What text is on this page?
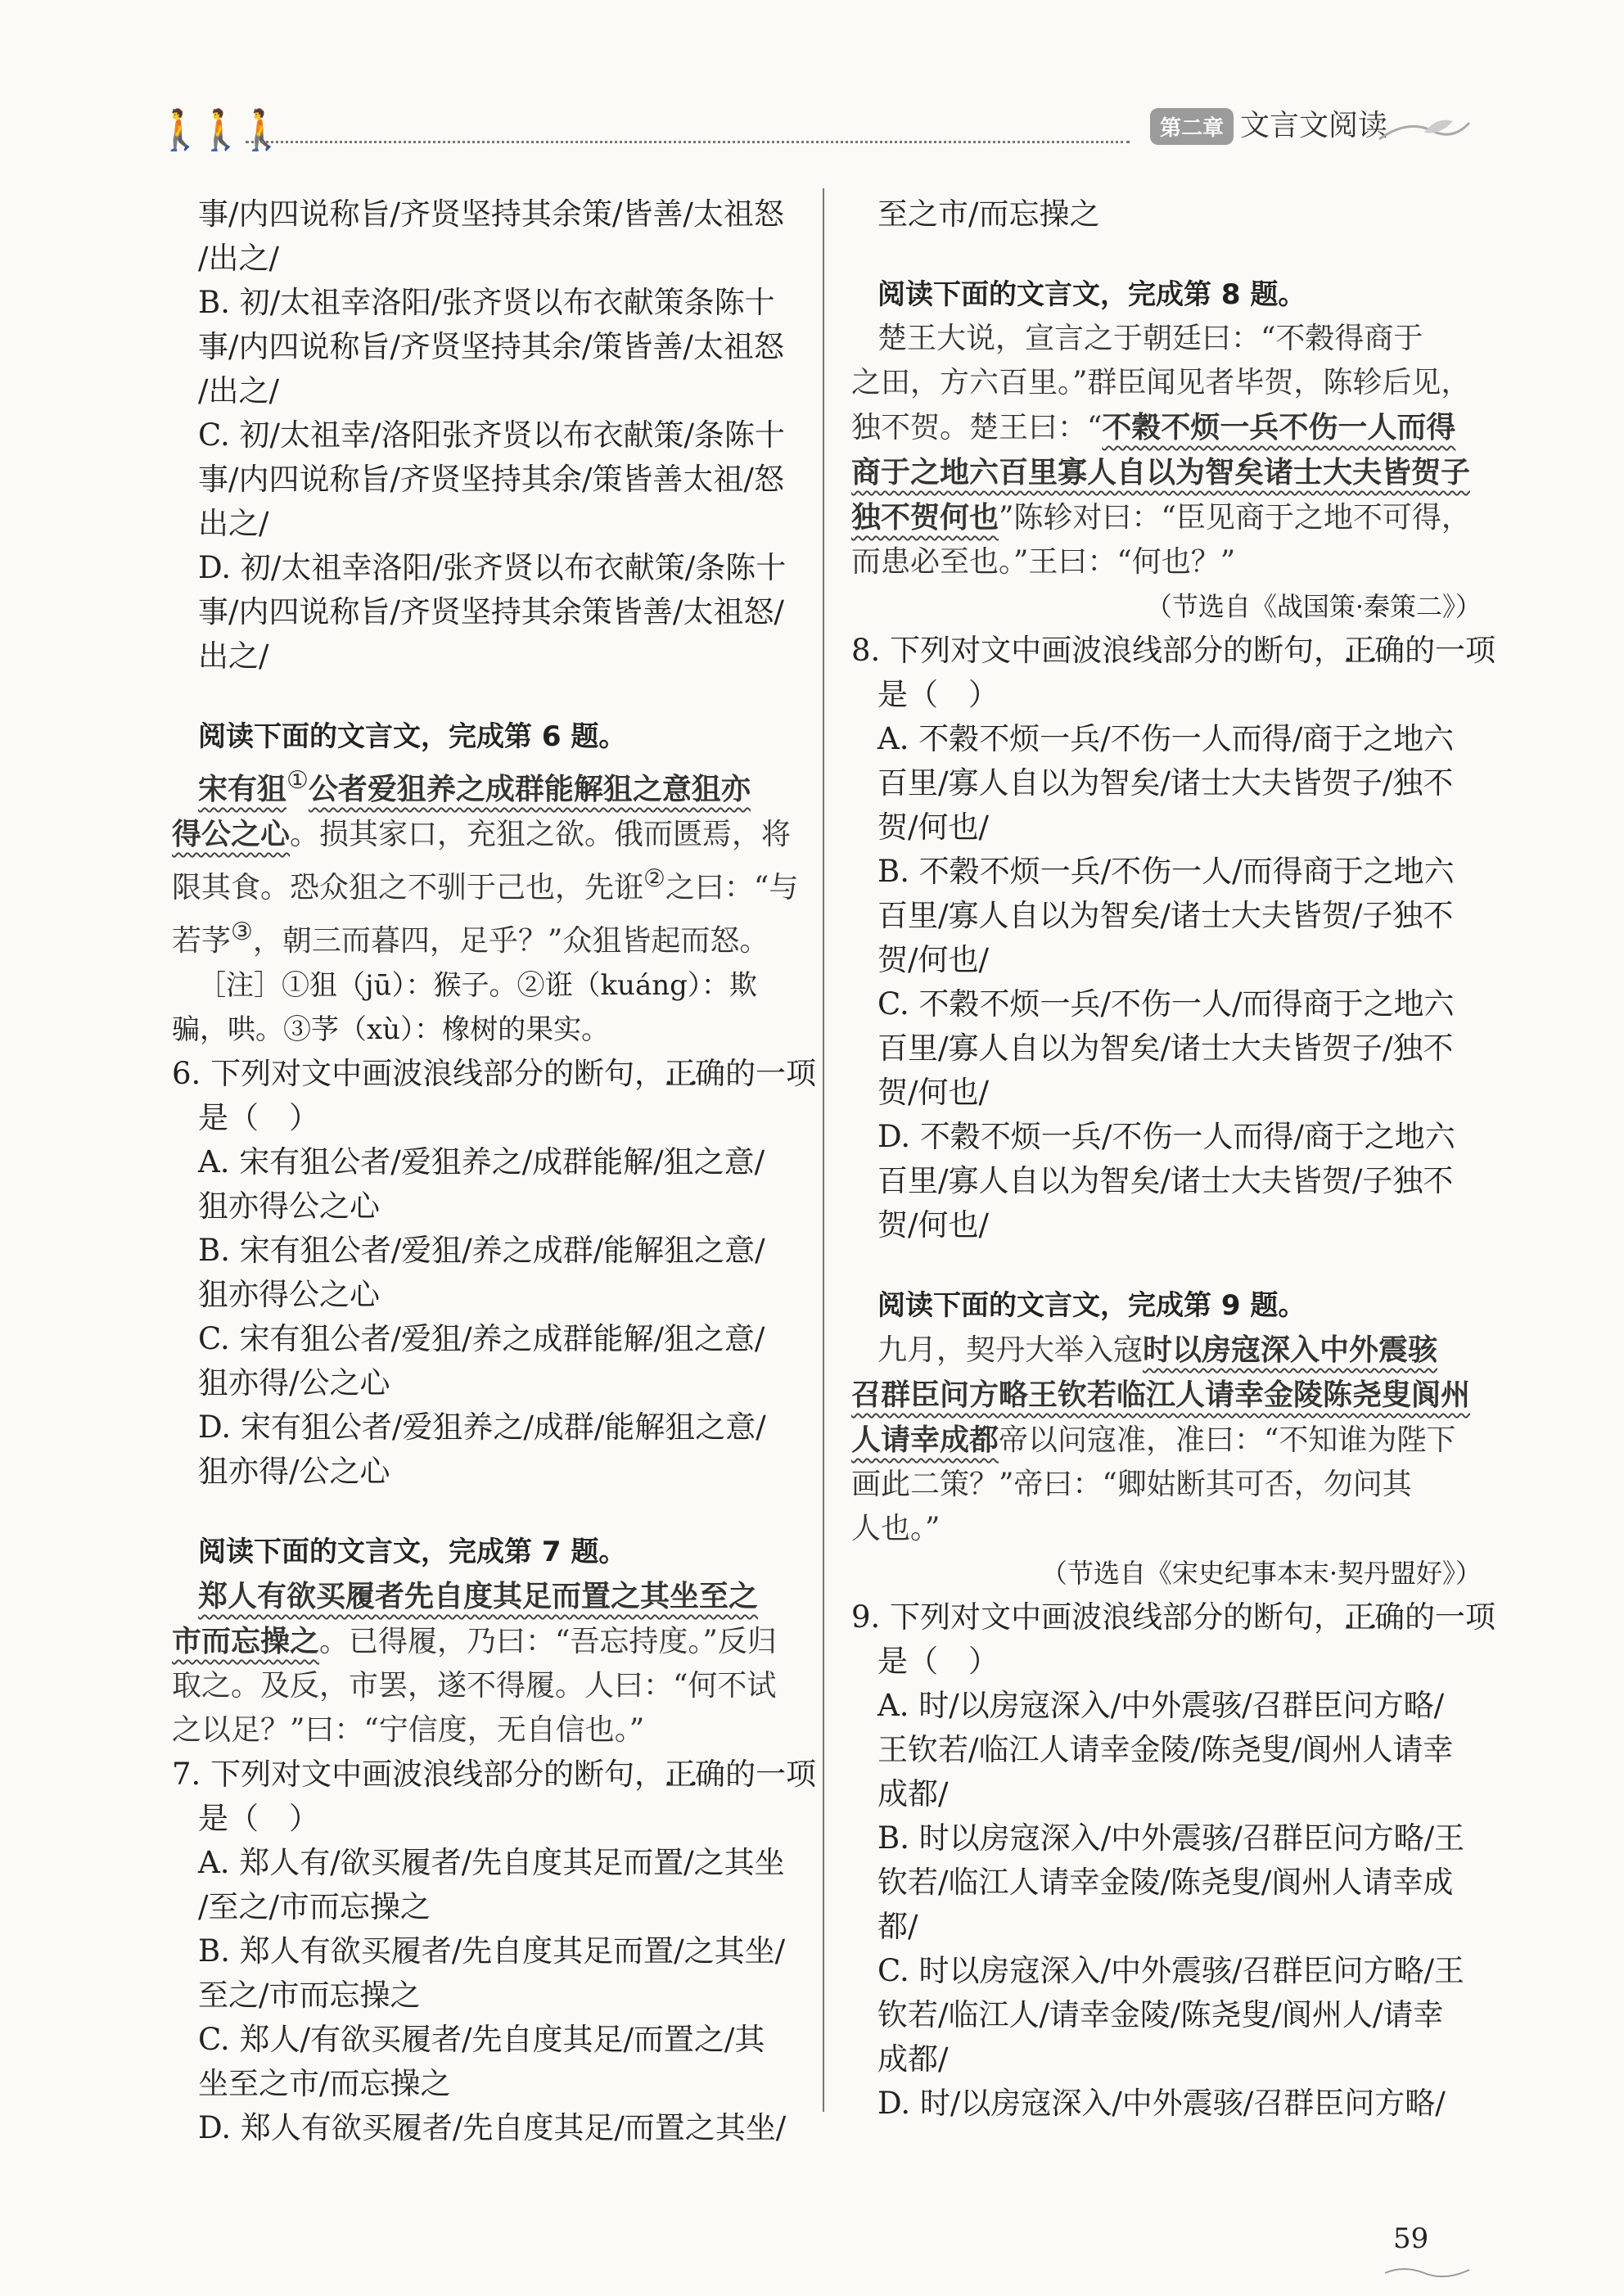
🚶🚶🚶	第二章 文言文阅读
事/内四说称旨/齐贤坚持其余策/皆善/太祖怒
/出之/
B. 初/太祖幸洛阳/张齐贤以布衣献策条陈十
事/内四说称旨/齐贤坚持其余/策皆善/太祖怒
/出之/
C. 初/太祖幸/洛阳张齐贤以布衣献策/条陈十
事/内四说称旨/齐贤坚持其余/策皆善太祖/怒
出之/
D. 初/太祖幸洛阳/张齐贤以布衣献策/条陈十
事/内四说称旨/齐贤坚持其余策皆善/太祖怒/
出之/
阅读下面的文言文，完成第 6 题。
宋有狙①公者爱狙养之成群能解狙之意狙亦
得公之心。损其家口，充狙之欲。俄而匮焉，将
限其食。恐众狙之不驯于己也，先诳②之曰：“与
若芧③，朝三而暮四，足乎？”众狙皆起而怒。
［注］①狙（jū）：猴子。②诳（kuáng）：欺
骗，哄。③芧（xù）：橡树的果实。
6. 下列对文中画波浪线部分的断句，正确 • •的一项
是（　）
A. 宋有狙公者/爱狙养之/成群能解/狙之意/
狙亦得公之心
B. 宋有狙公者/爱狙/养之成群/能解狙之意/
狙亦得公之心
C. 宋有狙公者/爱狙/养之成群能解/狙之意/
狙亦得/公之心
D. 宋有狙公者/爱狙养之/成群/能解狙之意/
狙亦得/公之心
阅读下面的文言文，完成第 7 题。
郑人有欲买履者先自度其足而置之其坐至之
市而忘操之。已得履，乃曰：“吾忘持度。”反归
取之。及反，市罢，遂不得履。人曰：“何不试
之以足？”曰：“宁信度，无自信也。”
7. 下列对文中画波浪线部分的断句，正确 • •的一项
是（　）
A. 郑人有/欲买履者/先自度其足而置/之其坐
/至之/市而忘操之
B. 郑人有欲买履者/先自度其足而置/之其坐/
至之/市而忘操之
C. 郑人/有欲买履者/先自度其足/而置之/其
坐至之市/而忘操之
D. 郑人有欲买履者/先自度其足/而置之其坐/
至之市/而忘操之
阅读下面的文言文，完成第 8 题。
楚王大说，宣言之于朝廷曰：“不穀得商于
之田，方六百里。”群臣闻见者毕贺，陈轸后见，
独不贺。楚王曰：“不穀不烦一兵不伤一人而得
商于之地六百里寡人自以为智矣诸士大夫皆贺子
独不贺何也”陈轸对曰：“臣见商于之地不可得，
而患必至也。”王曰：“何也？”
（节选自《战国策·秦策二》）
8. 下列对文中画波浪线部分的断句，正确 • •的一项
是（　）
A. 不穀不烦一兵/不伤一人而得/商于之地六
百里/寡人自以为智矣/诸士大夫皆贺子/独不
贺/何也/
B. 不穀不烦一兵/不伤一人/而得商于之地六
百里/寡人自以为智矣/诸士大夫皆贺/子独不
贺/何也/
C. 不穀不烦一兵/不伤一人/而得商于之地六
百里/寡人自以为智矣/诸士大夫皆贺子/独不
贺/何也/
D. 不穀不烦一兵/不伤一人而得/商于之地六
百里/寡人自以为智矣/诸士大夫皆贺/子独不
贺/何也/
阅读下面的文言文，完成第 9 题。
九月，契丹大举入寇时以房寇深入中外震骇
召群臣问方略王钦若临江人请幸金陵陈尧叟阆州
人请幸成都帝以问寇准，准曰：“不知谁为陛下
画此二策？”帝曰：“卿姑断其可否，勿问其
人也。”
（节选自《宋史纪事本末·契丹盟好》）
9. 下列对文中画波浪线部分的断句，正确 • •的一项
是（　）
A. 时/以房寇深入/中外震骇/召群臣问方略/
王钦若/临江人请幸金陵/陈尧叟/阆州人请幸
成都/
B. 时以房寇深入/中外震骇/召群臣问方略/王
钦若/临江人请幸金陵/陈尧叟/阆州人请幸成
都/
C. 时以房寇深入/中外震骇/召群臣问方略/王
钦若/临江人/请幸金陵/陈尧叟/阆州人/请幸
成都/
D. 时/以房寇深入/中外震骇/召群臣问方略/
59
